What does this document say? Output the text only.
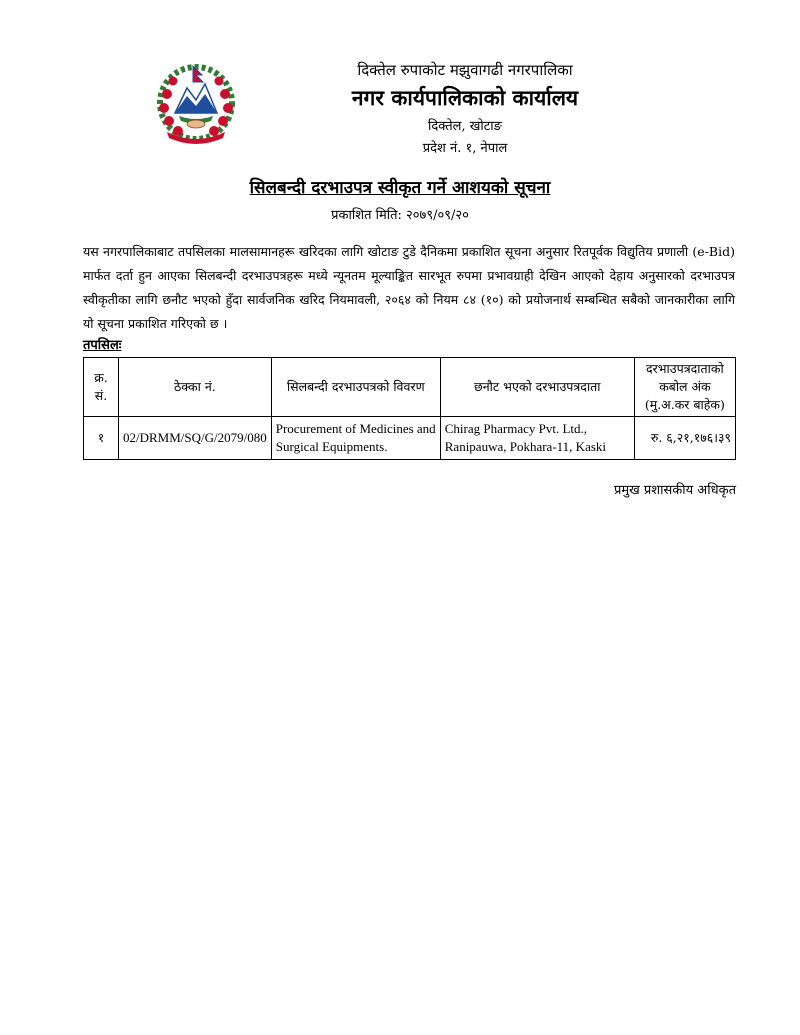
दिक्तेल रुपाकोट मझुवागढी नगरपालिका
नगर कार्यपालिकाको कार्यालय
दिक्तेल, खोटाङ
प्रदेश नं. १, नेपाल
सिलबन्दी दरभाउपत्र स्वीकृत गर्ने आशयको सूचना
प्रकाशित मिति: २०७९/०९/२०

यस नगरपालिकाबाट तपसिलका मालसामानहरू खरिदका लागि खोटाङ टुडे दैनिकमा प्रकाशित सूचना अनुसार रितपूर्वक विद्युतिय प्रणाली (e-Bid) मार्फत दर्ता हुन आएका सिलबन्दी दरभाउपत्रहरू मध्ये न्यूनतम मूल्याङ्कित सारभूत रुपमा प्रभावग्राही देखिन आएको देहाय अनुसारको दरभाउपत्र स्वीकृतीका लागि छनौट भएको हुँदा सार्वजनिक खरिद नियमावली, २०६४ को नियम ८४ (१०) को प्रयोजनार्थ सम्बन्धित सबैको जानकारीका लागि यो सूचना प्रकाशित गरिएको छ ।

तपसिलः
क्र. सं.	ठेक्का नं.	सिलबन्दी दरभाउपत्रको विवरण	छनौट भएको दरभाउपत्रदाता	दरभाउपत्रदाताको कबोल अंक (मु.अ.कर बाहेक)
१	02/DRMM/SQ/G/2079/080	Procurement of Medicines and Surgical Equipments.	Chirag Pharmacy Pvt. Ltd., Ranipauwa, Pokhara-11, Kaski	रु. ६,२१,१७६।३९
प्रमुख प्रशासकीय अधिकृत
